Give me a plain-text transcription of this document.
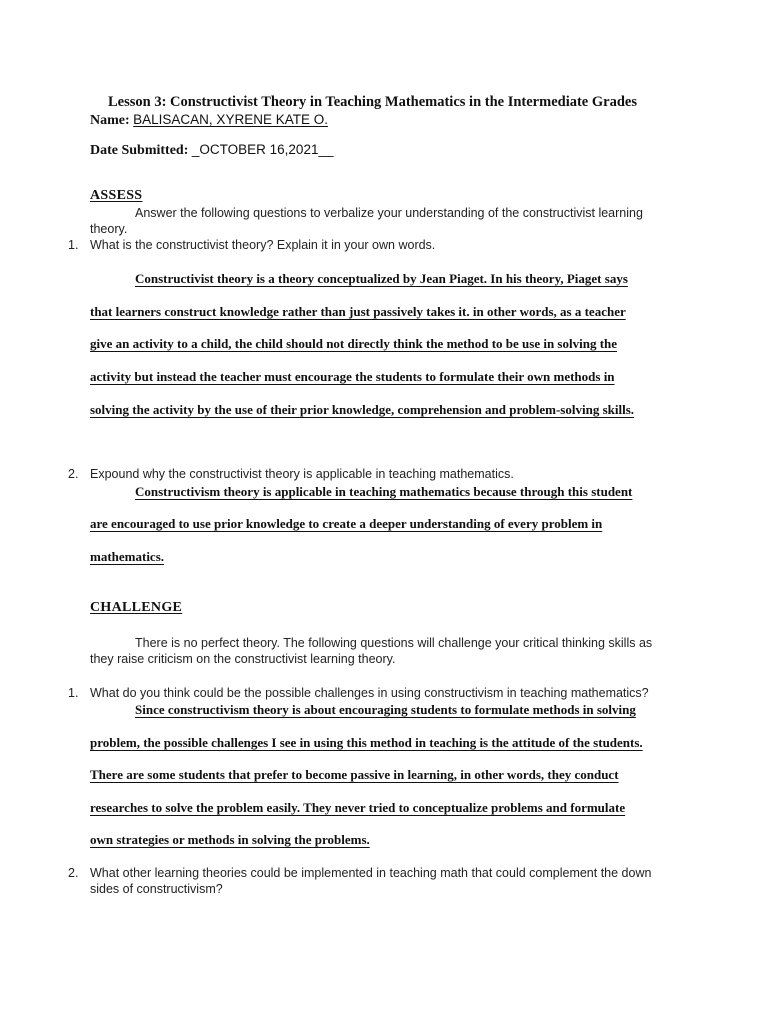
Lesson 3: Constructivist Theory in Teaching Mathematics in the Intermediate Grades
Name: BALISACAN, XYRENE KATE O.
Date Submitted: _OCTOBER 16,2021__
ASSESS
Answer the following questions to verbalize your understanding of the constructivist learning
theory.
1. What is the constructivist theory? Explain it in your own words.
Constructivist theory is a theory conceptualized by Jean Piaget. In his theory, Piaget says
that learners construct knowledge rather than just passively takes it. in other words, as a teacher
give an activity to a child, the child should not directly think the method to be use in solving the
activity but instead the teacher must encourage the students to formulate their own methods in
solving the activity by the use of their prior knowledge, comprehension and problem-solving skills.
2. Expound why the constructivist theory is applicable in teaching mathematics.
Constructivism theory is applicable in teaching mathematics because through this student
are encouraged to use prior knowledge to create a deeper understanding of every problem in
mathematics.
CHALLENGE
There is no perfect theory. The following questions will challenge your critical thinking skills as
they raise criticism on the constructivist learning theory.
1. What do you think could be the possible challenges in using constructivism in teaching mathematics?
Since constructivism theory is about encouraging students to formulate methods in solving
problem, the possible challenges I see in using this method in teaching is the attitude of the students.
There are some students that prefer to become passive in learning, in other words, they conduct
researches to solve the problem easily. They never tried to conceptualize problems and formulate
own strategies or methods in solving the problems.
2. What other learning theories could be implemented in teaching math that could complement the down
sides of constructivism?
